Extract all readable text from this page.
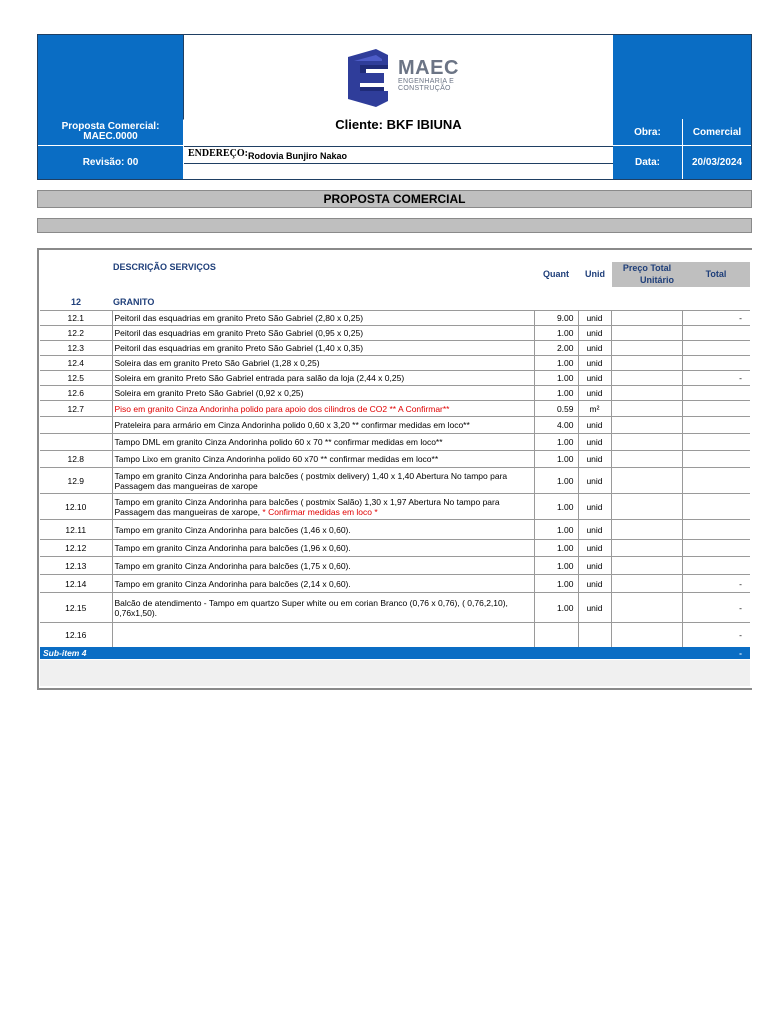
Proposta Comercial:
MAEC.0000
Revisão: 00
Obra:	Comercial
Data:	20/03/2024
MAEC
ENGENHARIA E
CONSTRUÇÃO
Cliente: BKF IBIUNA
ENDEREÇO: Rodovia Bunjiro Nakao
PROPOSTA COMERCIAL
DESCRIÇÃO SERVIÇOS
Quant	Unid
Preço Total
Unitário
Total
12	GRANITO
12.1	Peitoril das esquadrias em granito Preto São Gabriel (2,80 x 0,25)	9.00	unid		-
12.2	Peitoril das esquadrias em granito Preto São Gabriel (0,95 x 0,25)	1.00	unid		
12.3	Peitoril das esquadrias em granito Preto São Gabriel (1,40 x 0,35)	2.00	unid		
12.4	Soleira das em granito Preto São Gabriel (1,28 x 0,25)	1.00	unid		
12.5	Soleira em granito Preto São Gabriel entrada para salão da loja (2,44 x 0,25)	1.00	unid		-
12.6	Soleira em granito Preto São Gabriel (0,92 x 0,25)	1.00	unid		
12.7	Piso em granito Cinza Andorinha polido para apoio dos cilindros de CO2 ** A Confirmar**	0.59	m²		
	Prateleira para armário em Cinza Andorinha polido 0,60 x 3,20 ** confirmar medidas em loco**	4.00	unid		
	Tampo DML em granito Cinza Andorinha polido 60 x 70 ** confirmar medidas em loco**	1.00	unid		
12.8	Tampo Lixo em granito Cinza Andorinha polido 60 x70 ** confirmar medidas em loco**	1.00	unid		
12.9	Tampo em granito Cinza Andorinha para balcões ( postmix delivery) 1,40 x 1,40 Abertura No tampo para Passagem das mangueiras de xarope	1.00	unid		
12.10	Tampo em granito Cinza Andorinha para balcões ( postmix Salão) 1,30 x 1,97 Abertura No tampo para Passagem das mangueiras de xarope, * Confirmar medidas em loco *	1.00	unid		
12.11	Tampo em granito Cinza Andorinha para balcões (1,46 x 0,60).	1.00	unid		
12.12	Tampo em granito Cinza Andorinha para balcões (1,96 x 0,60).	1.00	unid		
12.13	Tampo em granito Cinza Andorinha para balcões (1,75 x 0,60).	1.00	unid		
12.14	Tampo em granito Cinza Andorinha para balcões (2,14 x 0,60).	1.00	unid		-
12.15	Balcão de atendimento - Tampo em quartzo Super white ou em corian Branco (0,76 x 0,76), ( 0,76,2,10), 0,76x1,50).	1.00	unid		-
12.16					-
Sub-item 4	-
